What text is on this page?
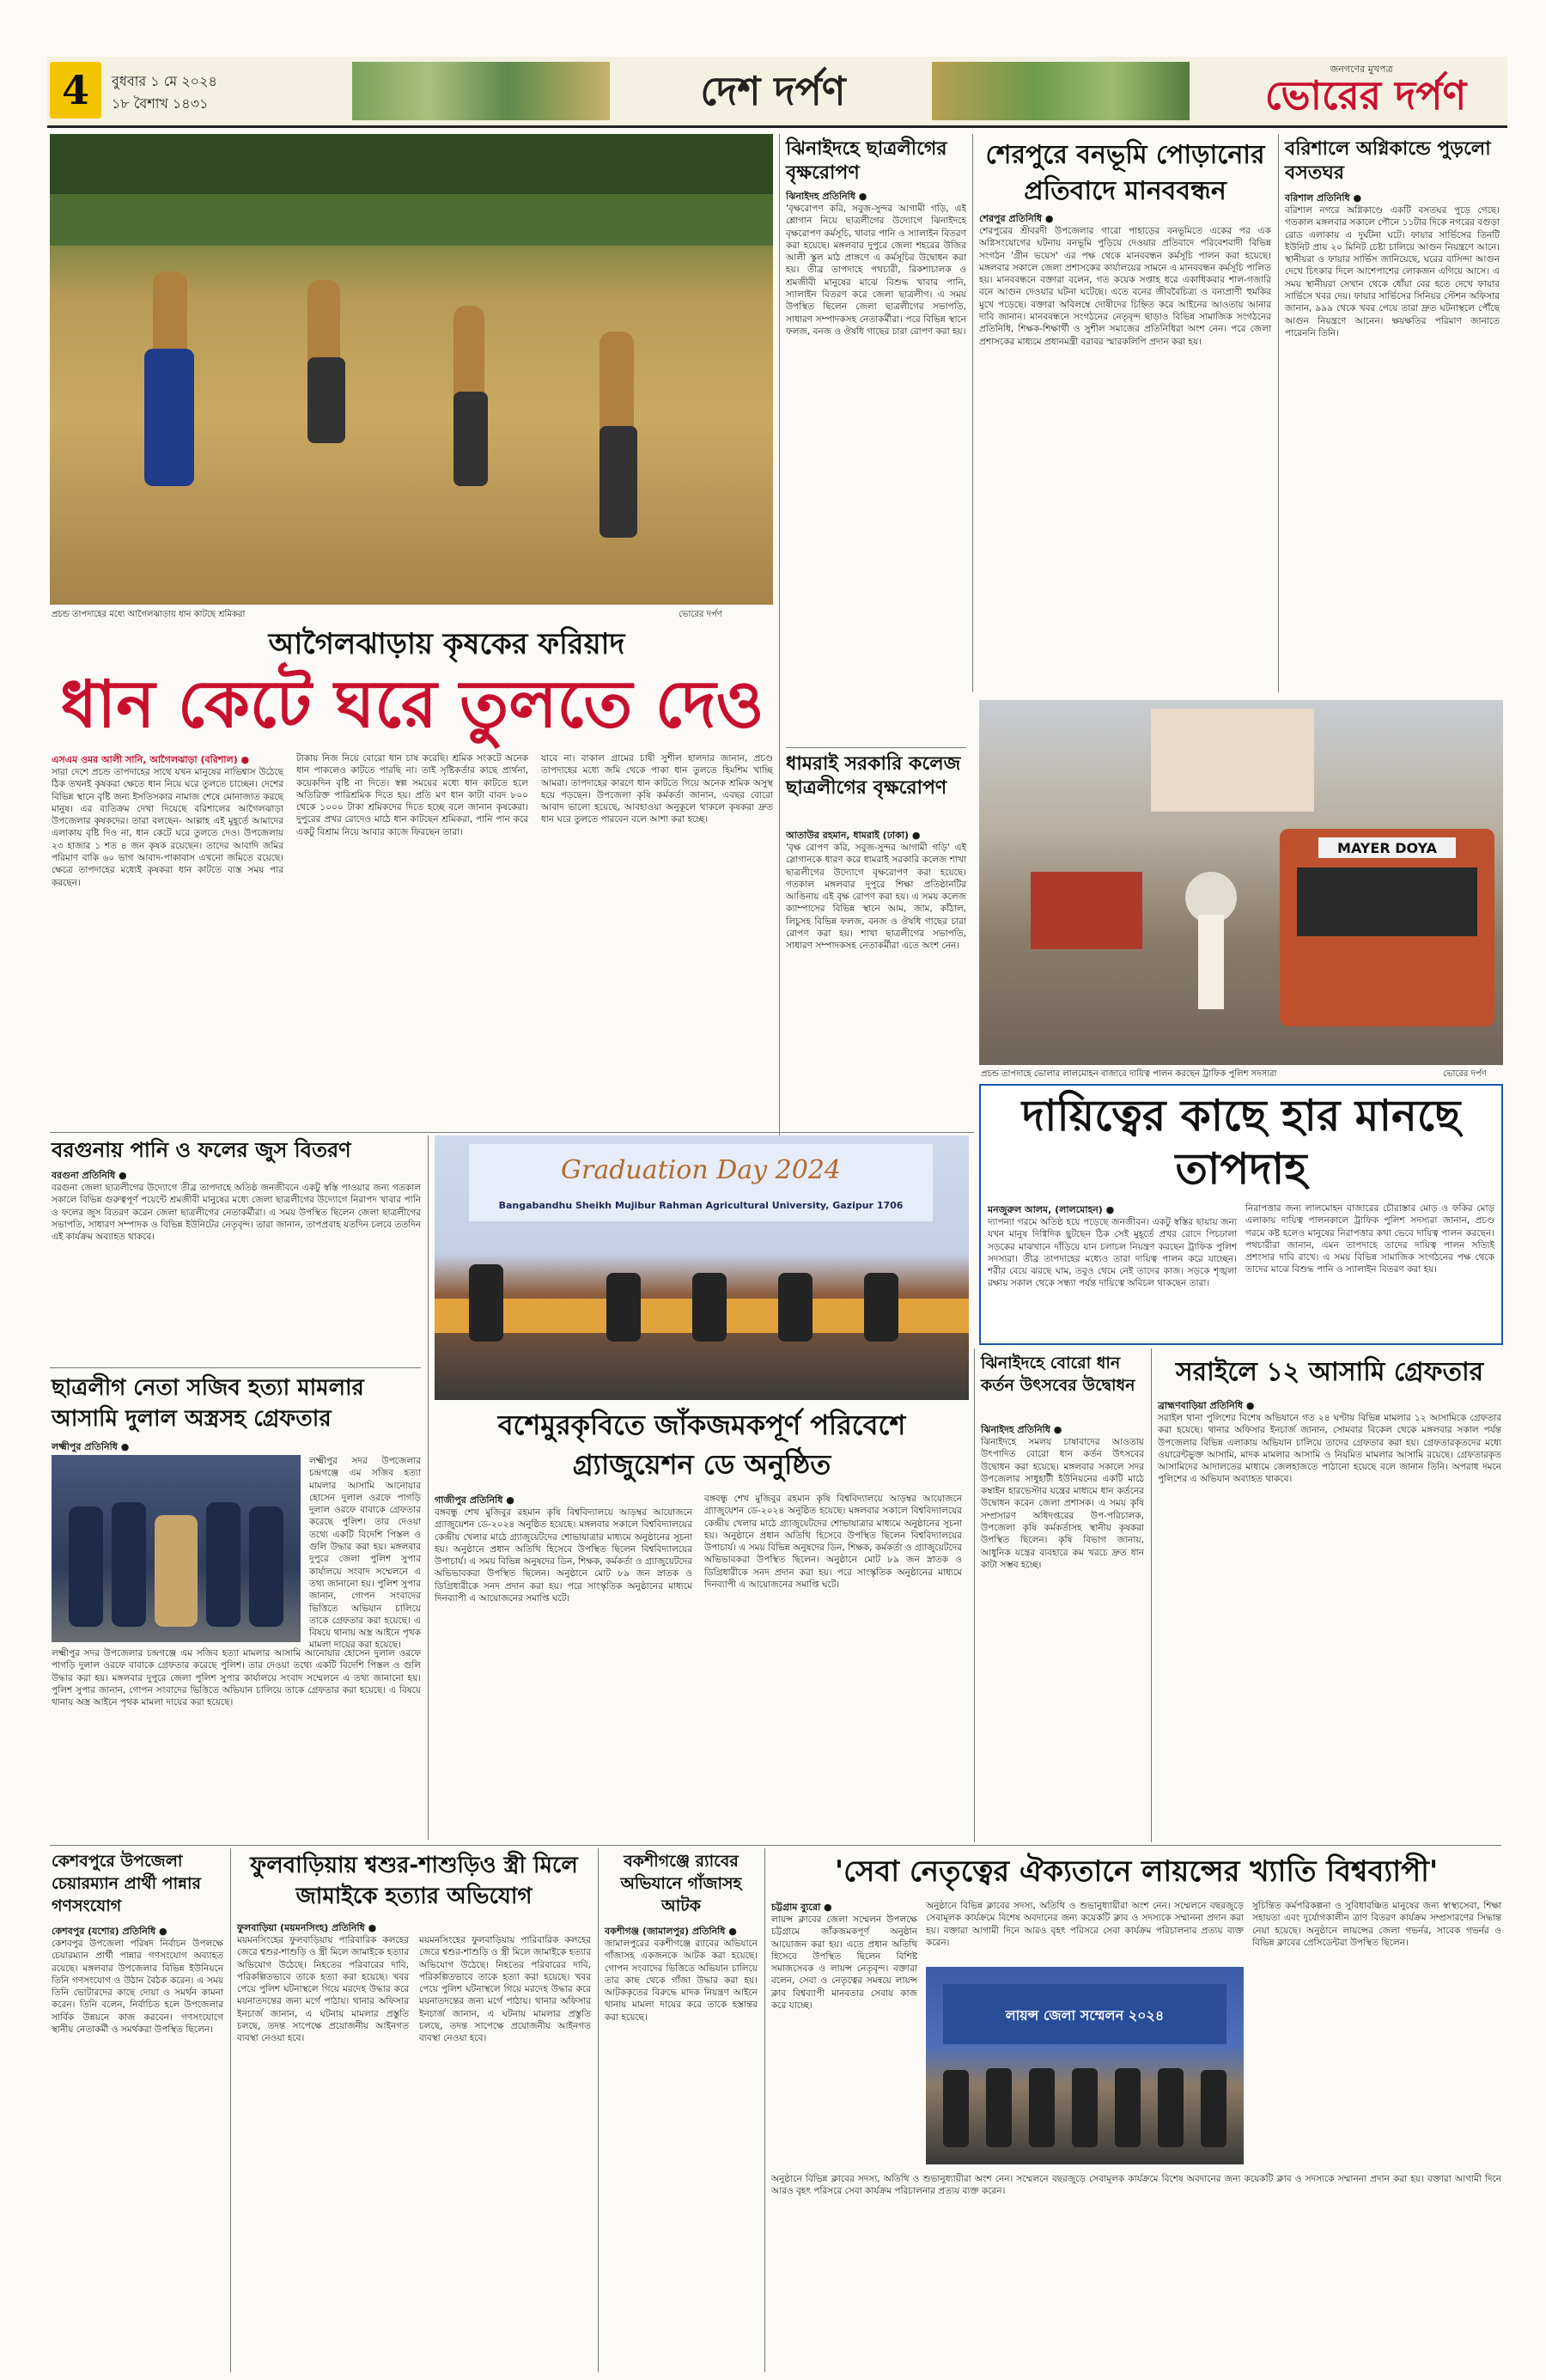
4	বুধবার ১ মে ২০২৪
১৮ বৈশাখ ১৪৩১	দেশ দর্পণ	জনগণের মুখপত্র
ভোরের দর্পণ
প্রচন্ড তাপদাহের মধ্যে আগৈলঝাড়ায় ধান কাটছে শ্রমিকরা	ভোরের দর্পণ
আগৈলঝাড়ায় কৃষকের ফরিয়াদ
ধান কেটে ঘরে তুলতে দেও
এসএম ওমর আলী সানি, আগৈলঝাড়া (বরিশাল) ●
সারা দেশে প্রচন্ড তাপদাহের সাথে যখন মানুষের নাভিশ্বাস উঠেছে ঠিক তখনই কৃষকরা ক্ষেতে ধান নিয়ে ঘরে তুলতে চাচ্ছেন। দেশের বিভিন্ন স্থানে বৃষ্টি জন্য ইসতিসকার নামাজ শেষে মোনাজাত করছে মানুষ। এর ব্যতিক্রম দেখা দিয়েছে বরিশালের আগৈলঝাড়া উপজেলার কৃষকদের। তারা বলছেন- আল্লাহ এই মুহূর্তে আমাদের এলাকায় বৃষ্টি দিও না, ধান কেটে ঘরে তুলতে দেও। উপজেলায় ২৩ হাজার ১ শত ৪ জন কৃষক রয়েছেন। তাদের আবাদি জমির পরিমাণ বাকি ৬০ ভাগ আবাদ-পাকাবাস এখনো জমিতে রয়েছে। ক্ষেত্রে তাপদাহের মধ্যেই কৃষকরা ধান কাটতে ব্যস্ত সময় পার করছেন।
টাকায় নিজ নিয়ে বোরো ধান চাষ করেছি। শ্রমিক সংকটে অনেক ধান পাকলেও কাটতে পারছি না। তাই সৃষ্টিকর্তার কাছে প্রার্থনা, কয়েকদিন বৃষ্টি না দিতে। স্বল্প সময়ের মধ্যে ধান কাটতে হলে অতিরিক্ত পারিশ্রমিক দিতে হয়। প্রতি মণ ধান কাটা বাবদ ৮০০ থেকে ১০০০ টাকা শ্রমিকদের দিতে হচ্ছে বলে জানান কৃষকেরা। দুপুরের প্রখর রোদেও মাঠে ধান কাটছেন শ্রমিকরা, পানি পান করে একটু বিশ্রাম নিয়ে আবার কাজে ফিরছেন তারা।
যাবে না। বাকাল গ্রামের চাষী সুশীল হালদার জানান, প্রচণ্ড তাপদাহের মধ্যে জমি থেকে পাকা ধান তুলতে হিমশিম খাচ্ছি আমরা। তাপদাহের কারণে ধান কাটতে গিয়ে অনেক শ্রমিক অসুস্থ হয়ে পড়ছেন। উপজেলা কৃষি কর্মকর্তা জানান, এবছর বোরো আবাদ ভালো হয়েছে, আবহাওয়া অনুকূলে থাকলে কৃষকরা দ্রুত ধান ঘরে তুলতে পারবেন বলে আশা করা হচ্ছে।
ঝিনাইদহে ছাত্রলীগের বৃক্ষরোপণ
ঝিনাইদহ প্রতিনিধি ●
'বৃক্ষরোপণ করি, সবুজ-সুন্দর আগামী গড়ি, এই শ্লোগান নিয়ে ছাত্রলীগের উদ্যোগে ঝিনাইদহে বৃক্ষরোপণ কর্মসূচি, খাবার পানি ও স্যালাইন বিতরণ করা হয়েছে। মঙ্গলবার দুপুরে জেলা শহরের উজির আলী স্কুল মাঠ প্রাঙ্গণে এ কর্মসূচির উদ্বোধন করা হয়। তীব্র তাপদাহে পথচারী, রিকশাচালক ও শ্রমজীবী মানুষের মাঝে বিশুদ্ধ খাবার পানি, স্যালাইন বিতরণ করে জেলা ছাত্রলীগ। এ সময় উপস্থিত ছিলেন জেলা ছাত্রলীগের সভাপতি, সাধারণ সম্পাদকসহ নেতাকর্মীরা। পরে বিভিন্ন স্থানে ফলজ, বনজ ও ঔষধি গাছের চারা রোপণ করা হয়।
ধামরাই সরকারি কলেজ ছাত্রলীগের বৃক্ষরোপণ
আতাউর রহমান, ধামরাই (ঢাকা) ●
'বৃক্ষ রোপণ করি, সবুজ-সুন্দর আগামী গড়ি' এই স্লোগানকে ধারণ করে ধামরাই সরকারি কলেজ শাখা ছাত্রলীগের উদ্যোগে বৃক্ষরোপণ করা হয়েছে। গতকাল মঙ্গলবার দুপুরে শিক্ষা প্রতিষ্ঠানটির আঙিনায় এই বৃক্ষ রোপণ করা হয়। এ সময় কলেজ ক্যাম্পাসের বিভিন্ন স্থানে আম, জাম, কাঁঠাল, লিচুসহ বিভিন্ন ফলজ, বনজ ও ঔষধি গাছের চারা রোপণ করা হয়। শাখা ছাত্রলীগের সভাপতি, সাধারণ সম্পাদকসহ নেতাকর্মীরা এতে অংশ নেন।
শেরপুরে বনভূমি পোড়ানোর প্রতিবাদে মানববন্ধন
শেরপুর প্রতিনিধি ●
শেরপুরের শ্রীবরদী উপজেলার গারো পাহাড়ের বনভূমিতে একের পর এক অগ্নিসংযোগের ঘটনায় বনভূমি পুড়িয়ে দেওয়ার প্রতিবাদে পরিবেশবাদী বিভিন্ন সংগঠন 'গ্রীন ভয়েস' এর পক্ষ থেকে মানববন্ধন কর্মসূচি পালন করা হয়েছে। মঙ্গলবার সকালে জেলা প্রশাসকের কার্যালয়ের সামনে এ মানববন্ধন কর্মসূচি পালিত হয়। মানববন্ধনে বক্তারা বলেন, গত কয়েক সপ্তাহ ধরে একাধিকবার শাল-গজারি বনে আগুন দেওয়ার ঘটনা ঘটেছে। এতে বনের জীববৈচিত্র্য ও বন্যপ্রাণী হুমকির মুখে পড়েছে। বক্তারা অবিলম্বে দোষীদের চিহ্নিত করে আইনের আওতায় আনার দাবি জানান। মানববন্ধনে সংগঠনের নেতৃবৃন্দ ছাড়াও বিভিন্ন সামাজিক সংগঠনের প্রতিনিধি, শিক্ষক-শিক্ষার্থী ও সুশীল সমাজের প্রতিনিধিরা অংশ নেন। পরে জেলা প্রশাসকের মাধ্যমে প্রধানমন্ত্রী বরাবর স্মারকলিপি প্রদান করা হয়।
বরিশালে অগ্নিকান্ডে পুড়লো বসতঘর
বরিশাল প্রতিনিধি ●
বরিশাল নগরে অগ্নিকাণ্ডে একটি বসতঘর পুড়ে গেছে। গতকাল মঙ্গলবার সকালে পৌনে ১১টার দিকে নগরের বগুড়া রোড এলাকায় এ দুর্ঘটনা ঘটে। ফায়ার সার্ভিসের তিনটি ইউনিট প্রায় ২০ মিনিট চেষ্টা চালিয়ে আগুন নিয়ন্ত্রণে আনে। স্থানীয়রা ও ফায়ার সার্ভিস জানিয়েছে, ঘরের বাসিন্দা আগুন দেখে চিৎকার দিলে আশেপাশের লোকজন এগিয়ে আসে। এ সময় স্থানীয়রা সেখান থেকে ধোঁয়া বের হতে দেখে ফায়ার সার্ভিসে খবর দেয়। ফায়ার সার্ভিসের সিনিয়র স্টেশন অফিসার জানান, ৯৯৯ থেকে খবর পেয়ে তারা দ্রুত ঘটনাস্থলে পৌঁছে আগুন নিয়ন্ত্রণে আনেন। ক্ষয়ক্ষতির পরিমাণ জানাতে পারেননি তিনি।
MAYER DOYA
প্রচন্ড তাপদাহে ভোলার লালমোহন বাজারে দায়িত্ব পালন করছেন ট্রাফিক পুলিশ সদস্যরা	ভোরের দর্পণ
দায়িত্বের কাছে হার মানছে তাপদাহ
মনজুরুল আলম, (লালমোহন) ●
দ্যাপন্যা গরমে অতিষ্ঠ হয়ে পড়েছে জনজীবন। একটু স্বস্তির ছায়ায় জন্য যখন মানুষ দিগ্বিদিক ছুটছেন ঠিক সেই মুহূর্তে প্রখর রোদে পিচঢালা সড়কের মাঝখানে দাঁড়িয়ে যান চলাচল নিয়ন্ত্রণ করছেন ট্রাফিক পুলিশ সদস্যরা। তীব্র তাপদাহের মধ্যেও তারা দায়িত্ব পালন করে যাচ্ছেন। শরীর বেয়ে ঝরছে ঘাম, তবুও থেমে নেই তাদের কাজ। সড়কে শৃঙ্খলা রক্ষায় সকাল থেকে সন্ধ্যা পর্যন্ত দায়িত্বে অবিচল থাকছেন তারা।
নিরাপত্তার জন্য লালমোহন বাজারের চৌরাস্তার মোড় ও ফকির মোড় এলাকায় দায়িত্ব পালনকালে ট্রাফিক পুলিশ সদস্যরা জানান, প্রচণ্ড গরমে কষ্ট হলেও মানুষের নিরাপত্তার কথা ভেবে দায়িত্ব পালন করছেন। পথচারীরা জানান, এমন তাপদাহে তাদের দায়িত্ব পালন সত্যিই প্রশংসার দাবি রাখে। এ সময় বিভিন্ন সামাজিক সংগঠনের পক্ষ থেকে তাদের মাঝে বিশুদ্ধ পানি ও স্যালাইন বিতরণ করা হয়।
বরগুনায় পানি ও ফলের জুস বিতরণ
বরগুনা প্রতিনিধি ●
বরগুনা জেলা ছাত্রলীগের উদ্যোগে তীব্র তাপদাহে অতিষ্ঠ জনজীবনে একটু স্বস্তি পাওয়ার জন্য গতকাল সকালে বিভিন্ন গুরুত্বপূর্ণ পয়েন্টে শ্রমজীবী মানুষের মধ্যে জেলা ছাত্রলীগের উদ্যোগে নিরাপদ খাবার পানি ও ফলের জুস বিতরণ করেন জেলা ছাত্রলীগের নেতাকর্মীরা। এ সময় উপস্থিত ছিলেন জেলা ছাত্রলীগের সভাপতি, সাধারণ সম্পাদক ও বিভিন্ন ইউনিটের নেতৃবৃন্দ। তারা জানান, তাপপ্রবাহ যতদিন চলবে ততদিন এই কার্যক্রম অব্যাহত থাকবে।
ছাত্রলীগ নেতা সজিব হত্যা মামলার আসামি দুলাল অস্ত্রসহ গ্রেফতার
লক্ষ্মীপুর প্রতিনিধি ●
লক্ষ্মীপুর সদর উপজেলার চন্দ্রগঞ্জে এম সজিব হত্যা মামলার আসামি আনোয়ার হোসেন দুলাল ওরফে পাগড়ি দুলাল ওরফে বাবাকে গ্রেফতার করেছে পুলিশ। তার দেওয়া তথ্যে একটি বিদেশি পিস্তল ও গুলি উদ্ধার করা হয়। মঙ্গলবার দুপুরে জেলা পুলিশ সুপার কার্যালয়ে সংবাদ সম্মেলনে এ তথ্য জানানো হয়। পুলিশ সুপার জানান, গোপন সংবাদের ভিত্তিতে অভিযান চালিয়ে তাকে গ্রেফতার করা হয়েছে। এ বিষয়ে থানায় অস্ত্র আইনে পৃথক মামলা দায়ের করা হয়েছে।
লক্ষ্মীপুর সদর উপজেলার চন্দ্রগঞ্জে এম সজিব হত্যা মামলার আসামি আনোয়ার হোসেন দুলাল ওরফে পাগড়ি দুলাল ওরফে বাবাকে গ্রেফতার করেছে পুলিশ। তার দেওয়া তথ্যে একটি বিদেশি পিস্তল ও গুলি উদ্ধার করা হয়। মঙ্গলবার দুপুরে জেলা পুলিশ সুপার কার্যালয়ে সংবাদ সম্মেলনে এ তথ্য জানানো হয়। পুলিশ সুপার জানান, গোপন সংবাদের ভিত্তিতে অভিযান চালিয়ে তাকে গ্রেফতার করা হয়েছে। এ বিষয়ে থানায় অস্ত্র আইনে পৃথক মামলা দায়ের করা হয়েছে।
Graduation Day 2024
Bangabandhu Sheikh Mujibur Rahman Agricultural University, Gazipur 1706
বশেমুরকৃবিতে জাঁকজমকপূর্ণ পরিবেশে গ্র্যাজুয়েশন ডে অনুষ্ঠিত
গাজীপুর প্রতিনিধি ●
বঙ্গবন্ধু শেখ মুজিবুর রহমান কৃষি বিশ্ববিদ্যালয়ে আড়ম্বর আয়োজনে গ্র্যাজুয়েশন ডে-২০২৪ অনুষ্ঠিত হয়েছে। মঙ্গলবার সকালে বিশ্ববিদ্যালয়ের কেন্দ্রীয় খেলার মাঠে গ্র্যাজুয়েটদের শোভাযাত্রার মাধ্যমে অনুষ্ঠানের সূচনা হয়। অনুষ্ঠানে প্রধান অতিথি হিসেবে উপস্থিত ছিলেন বিশ্ববিদ্যালয়ের উপাচার্য। এ সময় বিভিন্ন অনুষদের ডিন, শিক্ষক, কর্মকর্তা ও গ্র্যাজুয়েটদের অভিভাবকরা উপস্থিত ছিলেন। অনুষ্ঠানে মোট ৮৯ জন স্নাতক ও ডিগ্রিধারীকে সনদ প্রদান করা হয়। পরে সাংস্কৃতিক অনুষ্ঠানের মাধ্যমে দিনব্যাপী এ আয়োজনের সমাপ্তি ঘটে।
বঙ্গবন্ধু শেখ মুজিবুর রহমান কৃষি বিশ্ববিদ্যালয়ে আড়ম্বর আয়োজনে গ্র্যাজুয়েশন ডে-২০২৪ অনুষ্ঠিত হয়েছে। মঙ্গলবার সকালে বিশ্ববিদ্যালয়ের কেন্দ্রীয় খেলার মাঠে গ্র্যাজুয়েটদের শোভাযাত্রার মাধ্যমে অনুষ্ঠানের সূচনা হয়। অনুষ্ঠানে প্রধান অতিথি হিসেবে উপস্থিত ছিলেন বিশ্ববিদ্যালয়ের উপাচার্য। এ সময় বিভিন্ন অনুষদের ডিন, শিক্ষক, কর্মকর্তা ও গ্র্যাজুয়েটদের অভিভাবকরা উপস্থিত ছিলেন। অনুষ্ঠানে মোট ৮৯ জন স্নাতক ও ডিগ্রিধারীকে সনদ প্রদান করা হয়। পরে সাংস্কৃতিক অনুষ্ঠানের মাধ্যমে দিনব্যাপী এ আয়োজনের সমাপ্তি ঘটে।
ঝিনাইদহে বোরো ধান কর্তন উৎসবের উদ্বোধন
ঝিনাইদহ প্রতিনিধি ●
ঝিনাইদহে সমলয় চাষাবাদের আওতায় উৎপাদিত বোরো ধান কর্তন উৎসবের উদ্বোধন করা হয়েছে। মঙ্গলবার সকালে সদর উপজেলার সাধুহাটী ইউনিয়নের একটি মাঠে কম্বাইন হারভেস্টার যন্ত্রের মাধ্যমে ধান কর্তনের উদ্বোধন করেন জেলা প্রশাসক। এ সময় কৃষি সম্প্রসারণ অধিদপ্তরের উপ-পরিচালক, উপজেলা কৃষি কর্মকর্তাসহ স্থানীয় কৃষকরা উপস্থিত ছিলেন। কৃষি বিভাগ জানায়, আধুনিক যন্ত্রের ব্যবহারে কম খরচে দ্রুত ধান কাটা সম্ভব হচ্ছে।
সরাইলে ১২ আসামি গ্রেফতার
ব্রাহ্মণবাড়িয়া প্রতিনিধি ●
সরাইল থানা পুলিশের বিশেষ অভিযানে গত ২৪ ঘণ্টায় বিভিন্ন মামলার ১২ আসামিকে গ্রেফতার করা হয়েছে। থানার অফিসার ইনচার্জ জানান, সোমবার বিকেল থেকে মঙ্গলবার সকাল পর্যন্ত উপজেলার বিভিন্ন এলাকায় অভিযান চালিয়ে তাদের গ্রেফতার করা হয়। গ্রেফতারকৃতদের মধ্যে ওয়ারেন্টভুক্ত আসামি, মাদক মামলার আসামি ও নিয়মিত মামলার আসামি রয়েছে। গ্রেফতারকৃত আসামিদের আদালতের মাধ্যমে জেলহাজতে পাঠানো হয়েছে বলে জানান তিনি। অপরাধ দমনে পুলিশের এ অভিযান অব্যাহত থাকবে।
কেশবপুরে উপজেলা চেয়ারম্যান প্রার্থী পান্নার গণসংযোগ
কেশবপুর (যশোর) প্রতিনিধি ●
কেশবপুর উপজেলা পরিষদ নির্বাচন উপলক্ষে চেয়ারম্যান প্রার্থী পান্নার গণসংযোগ অব্যাহত রয়েছে। মঙ্গলবার উপজেলার বিভিন্ন ইউনিয়নে তিনি গণসংযোগ ও উঠান বৈঠক করেন। এ সময় তিনি ভোটারদের কাছে দোয়া ও সমর্থন কামনা করেন। তিনি বলেন, নির্বাচিত হলে উপজেলার সার্বিক উন্নয়নে কাজ করবেন। গণসংযোগে স্থানীয় নেতাকর্মী ও সমর্থকরা উপস্থিত ছিলেন।
ফুলবাড়িয়ায় শ্বশুর-শাশুড়িও স্ত্রী মিলে জামাইকে হত্যার অভিযোগ
ফুলবাড়িয়া (ময়মনসিংহ) প্রতিনিধি ●
ময়মনসিংহের ফুলবাড়িয়ায় পারিবারিক কলহের জেরে শ্বশুর-শাশুড়ি ও স্ত্রী মিলে জামাইকে হত্যার অভিযোগ উঠেছে। নিহতের পরিবারের দাবি, পরিকল্পিতভাবে তাকে হত্যা করা হয়েছে। খবর পেয়ে পুলিশ ঘটনাস্থলে গিয়ে মরদেহ উদ্ধার করে ময়নাতদন্তের জন্য মর্গে পাঠায়। থানার অফিসার ইনচার্জ জানান, এ ঘটনায় মামলার প্রস্তুতি চলছে, তদন্ত সাপেক্ষে প্রয়োজনীয় আইনগত ব্যবস্থা নেওয়া হবে।
ময়মনসিংহের ফুলবাড়িয়ায় পারিবারিক কলহের জেরে শ্বশুর-শাশুড়ি ও স্ত্রী মিলে জামাইকে হত্যার অভিযোগ উঠেছে। নিহতের পরিবারের দাবি, পরিকল্পিতভাবে তাকে হত্যা করা হয়েছে। খবর পেয়ে পুলিশ ঘটনাস্থলে গিয়ে মরদেহ উদ্ধার করে ময়নাতদন্তের জন্য মর্গে পাঠায়। থানার অফিসার ইনচার্জ জানান, এ ঘটনায় মামলার প্রস্তুতি চলছে, তদন্ত সাপেক্ষে প্রয়োজনীয় আইনগত ব্যবস্থা নেওয়া হবে।
বকশীগঞ্জে র‍্যাবের অভিযানে গাঁজাসহ আটক
বকশীগঞ্জ (জামালপুর) প্রতিনিধি ●
জামালপুরের বকশীগঞ্জে র‍্যাবের অভিযানে গাঁজাসহ একজনকে আটক করা হয়েছে। গোপন সংবাদের ভিত্তিতে অভিযান চালিয়ে তার কাছ থেকে গাঁজা উদ্ধার করা হয়। আটককৃতের বিরুদ্ধে মাদক নিয়ন্ত্রণ আইনে থানায় মামলা দায়ের করে তাকে হস্তান্তর করা হয়েছে।
'সেবা নেতৃত্বের ঐক্যতানে লায়ন্সের খ্যাতি বিশ্বব্যাপী'
চট্টগ্রাম ব্যুরো ●
লায়ন্স ক্লাবের জেলা সম্মেলন উপলক্ষে চট্টগ্রামে জাঁকজমকপূর্ণ অনুষ্ঠান আয়োজন করা হয়। এতে প্রধান অতিথি হিসেবে উপস্থিত ছিলেন বিশিষ্ট সমাজসেবক ও লায়ন্স নেতৃবৃন্দ। বক্তারা বলেন, সেবা ও নেতৃত্বের সমন্বয়ে লায়ন্স ক্লাব বিশ্বব্যাপী মানবতার সেবায় কাজ করে যাচ্ছে।
লায়ন্স জেলা সম্মেলন ২০২৪
অনুষ্ঠানে বিভিন্ন ক্লাবের সদস্য, অতিথি ও শুভানুধ্যায়ীরা অংশ নেন। সম্মেলনে বছরজুড়ে সেবামূলক কার্যক্রমে বিশেষ অবদানের জন্য কয়েকটি ক্লাব ও সদস্যকে সম্মাননা প্রদান করা হয়। বক্তারা আগামী দিনে আরও বৃহৎ পরিসরে সেবা কার্যক্রম পরিচালনার প্রত্যয় ব্যক্ত করেন।
সুচিন্তিত কর্মপরিকল্পনা ও সুবিধাবঞ্চিত মানুষের জন্য স্বাস্থ্যসেবা, শিক্ষা সহায়তা এবং দুর্যোগকালীন ত্রাণ বিতরণ কার্যক্রম সম্প্রসারণের সিদ্ধান্ত নেয়া হয়েছে। অনুষ্ঠানে লায়ন্সের জেলা গভর্নর, সাবেক গভর্নর ও বিভিন্ন ক্লাবের প্রেসিডেন্টরা উপস্থিত ছিলেন।
অনুষ্ঠানে বিভিন্ন ক্লাবের সদস্য, অতিথি ও শুভানুধ্যায়ীরা অংশ নেন। সম্মেলনে বছরজুড়ে সেবামূলক কার্যক্রমে বিশেষ অবদানের জন্য কয়েকটি ক্লাব ও সদস্যকে সম্মাননা প্রদান করা হয়। বক্তারা আগামী দিনে আরও বৃহৎ পরিসরে সেবা কার্যক্রম পরিচালনার প্রত্যয় ব্যক্ত করেন।
